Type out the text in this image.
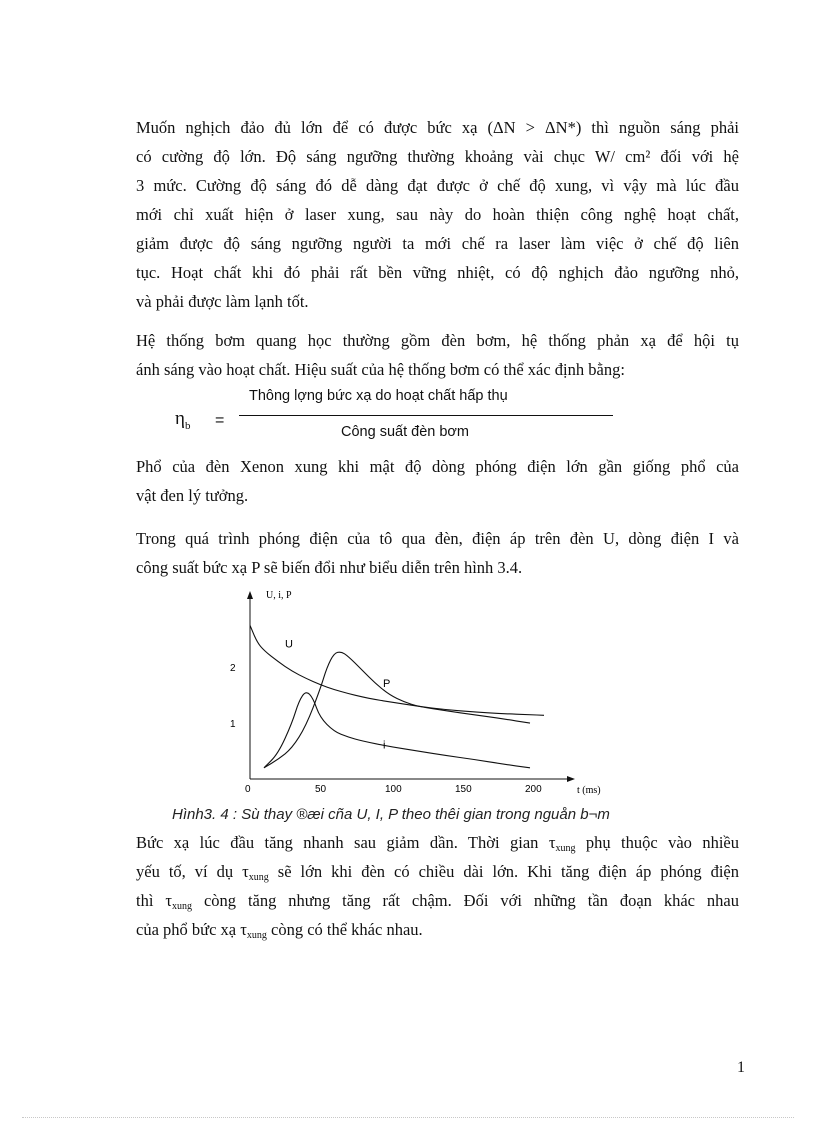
Muốn nghịch đảo đủ lớn để có được bức xạ (ΔN > ΔN*) thì nguồn sáng phải
có cường độ lớn. Độ sáng ngưỡng thường khoảng vài chục W/ cm² đối với hệ
3 mức. Cường độ sáng đó dễ dàng đạt được ở chế độ xung, vì vậy mà lúc đầu
mới chỉ xuất hiện ở laser xung, sau này do hoàn thiện công nghệ hoạt chất,
giảm được độ sáng ngưỡng người ta mới chế ra laser làm việc ở chế độ liên
tục. Hoạt chất khi đó phải rất bền vững nhiệt, có độ nghịch đảo ngưỡng nhỏ,
và phải được làm lạnh tốt.
Hệ thống bơm quang học thường gồm đèn bơm, hệ thống phản xạ để hội tụ
ánh sáng vào hoạt chất. Hiệu suất của hệ thống bơm có thể xác định bằng:
$\eta_b$ =
Thông lợng bức xạ do hoạt chất hấp thụ
Công suất đèn bơm
Phổ của đèn Xenon xung khi mật độ dòng phóng điện lớn gần giống phổ của
vật đen lý tưởng.
Trong quá trình phóng điện của tô qua đèn, điện áp trên đèn U, dòng điện I và
công suất bức xạ P sẽ biến đổi như biểu diễn trên hình 3.4.
U, i, P
t (ms)
0	50	100	150	200
1
2
U
P
i
Hình3. 4 : Sù thay ®æi cña U, I, P theo thêi gian trong nguån b¬m
Bức xạ lúc đầu tăng nhanh sau giảm dần. Thời gian $\tau_{xung}$ phụ thuộc vào nhiều
yếu tố, ví dụ $\tau_{xung}$ sẽ lớn khi đèn có chiều dài lớn. Khi tăng điện áp phóng điện
thì $\tau_{xung}$ còng tăng nhưng tăng rất chậm. Đối với những tần đoạn khác nhau
của phổ bức xạ $\tau_{xung}$ còng có thể khác nhau.
1
